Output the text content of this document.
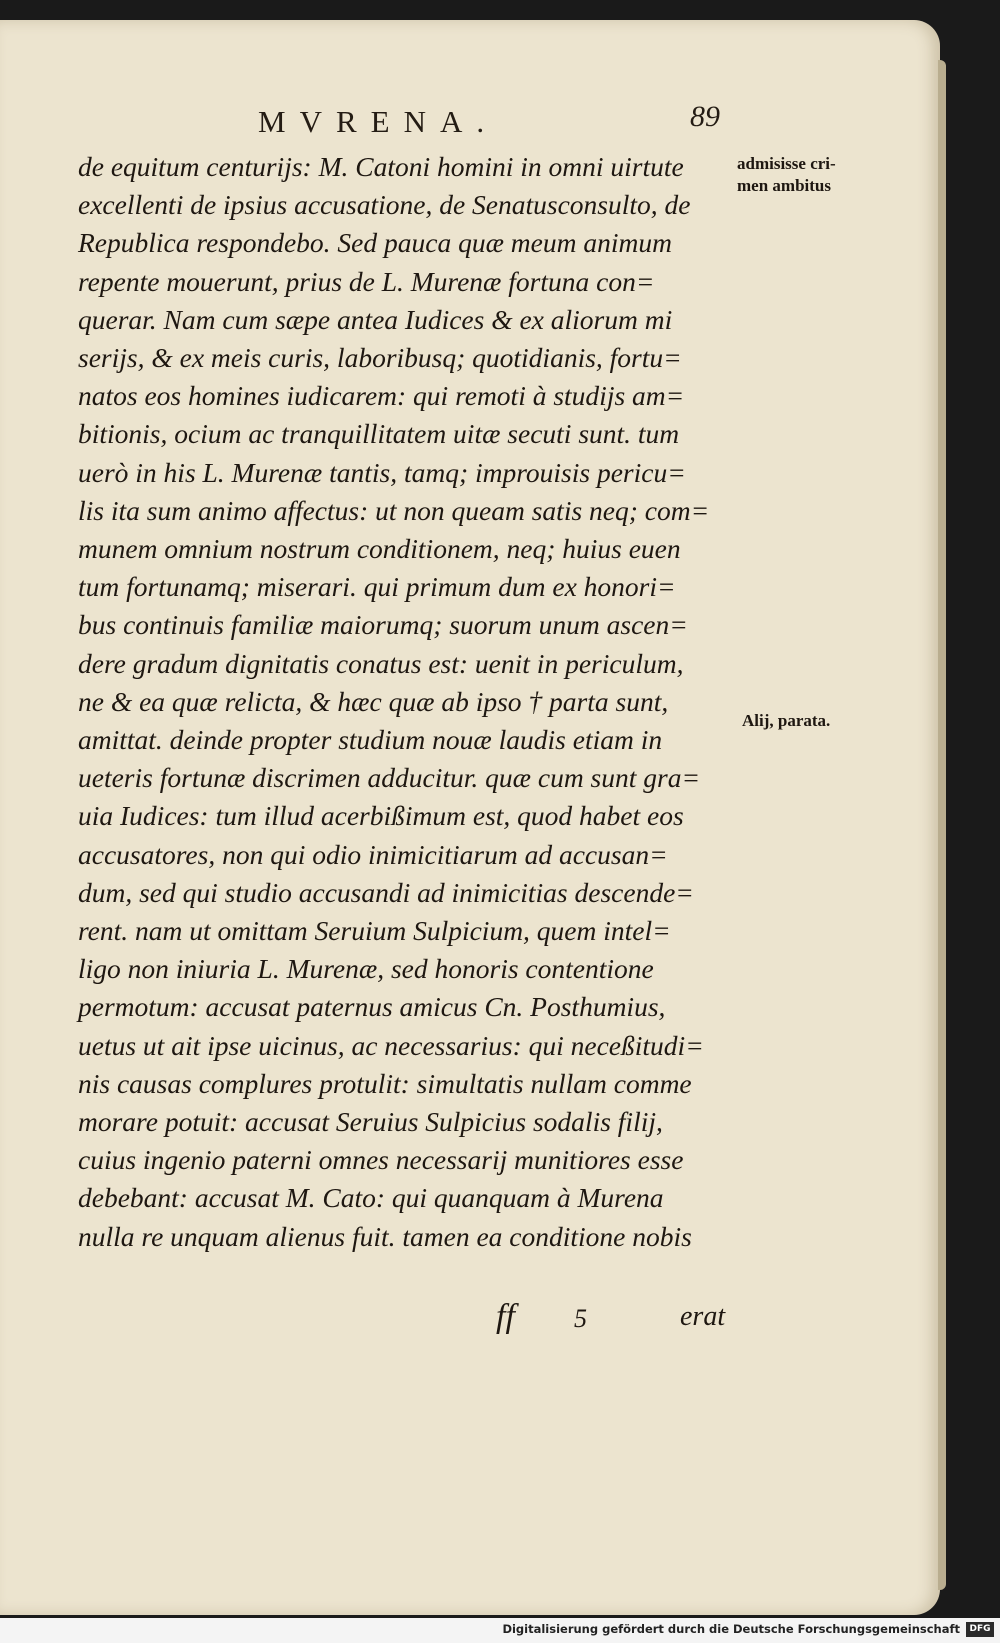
MVRENA.	89
de equitum centurijs: M. Catoni homini in omni uirtute
excellenti de ipsius accusatione, de Senatusconsulto, de
Republica respondebo. Sed pauca quæ meum animum
repente mouerunt, prius de L. Murenæ fortuna con=
querar. Nam cum sæpe antea Iudices & ex aliorum mi
serijs, & ex meis curis, laboribusq; quotidianis, fortu=
natos eos homines iudicarem: qui remoti à studijs am=
bitionis, ocium ac tranquillitatem uitæ secuti sunt. tum
uerò in his L. Murenæ tantis, tamq; improuisis pericu=
lis ita sum animo affectus: ut non queam satis neq; com=
munem omnium nostrum conditionem, neq; huius euen
tum fortunamq; miserari. qui primum dum ex honori=
bus continuis familiæ maiorumq; suorum unum ascen=
dere gradum dignitatis conatus est: uenit in periculum,
ne & ea quæ relicta, & hæc quæ ab ipso † parta sunt,
amittat. deinde propter studium nouæ laudis etiam in
ueteris fortunæ discrimen adducitur. quæ cum sunt gra=
uia Iudices: tum illud acerbißimum est, quod habet eos
accusatores, non qui odio inimicitiarum ad accusan=
dum, sed qui studio accusandi ad inimicitias descende=
rent. nam ut omittam Seruium Sulpicium, quem intel=
ligo non iniuria L. Murenæ, sed honoris contentione
permotum: accusat paternus amicus Cn. Posthumius,
uetus ut ait ipse uicinus, ac necessarius: qui neceßitudi=
nis causas complures protulit: simultatis nullam comme
morare potuit: accusat Seruius Sulpicius sodalis filij,
cuius ingenio paterni omnes necessarij munitiores esse
debebant: accusat M. Cato: qui quanquam à Murena
nulla re unquam alienus fuit. tamen ea conditione nobis
admisisse cri-
men ambitus
Alij, parata.
ff 5	erat
Digitalisierung gefördert durch die Deutsche Forschungsgemeinschaft	DFG
